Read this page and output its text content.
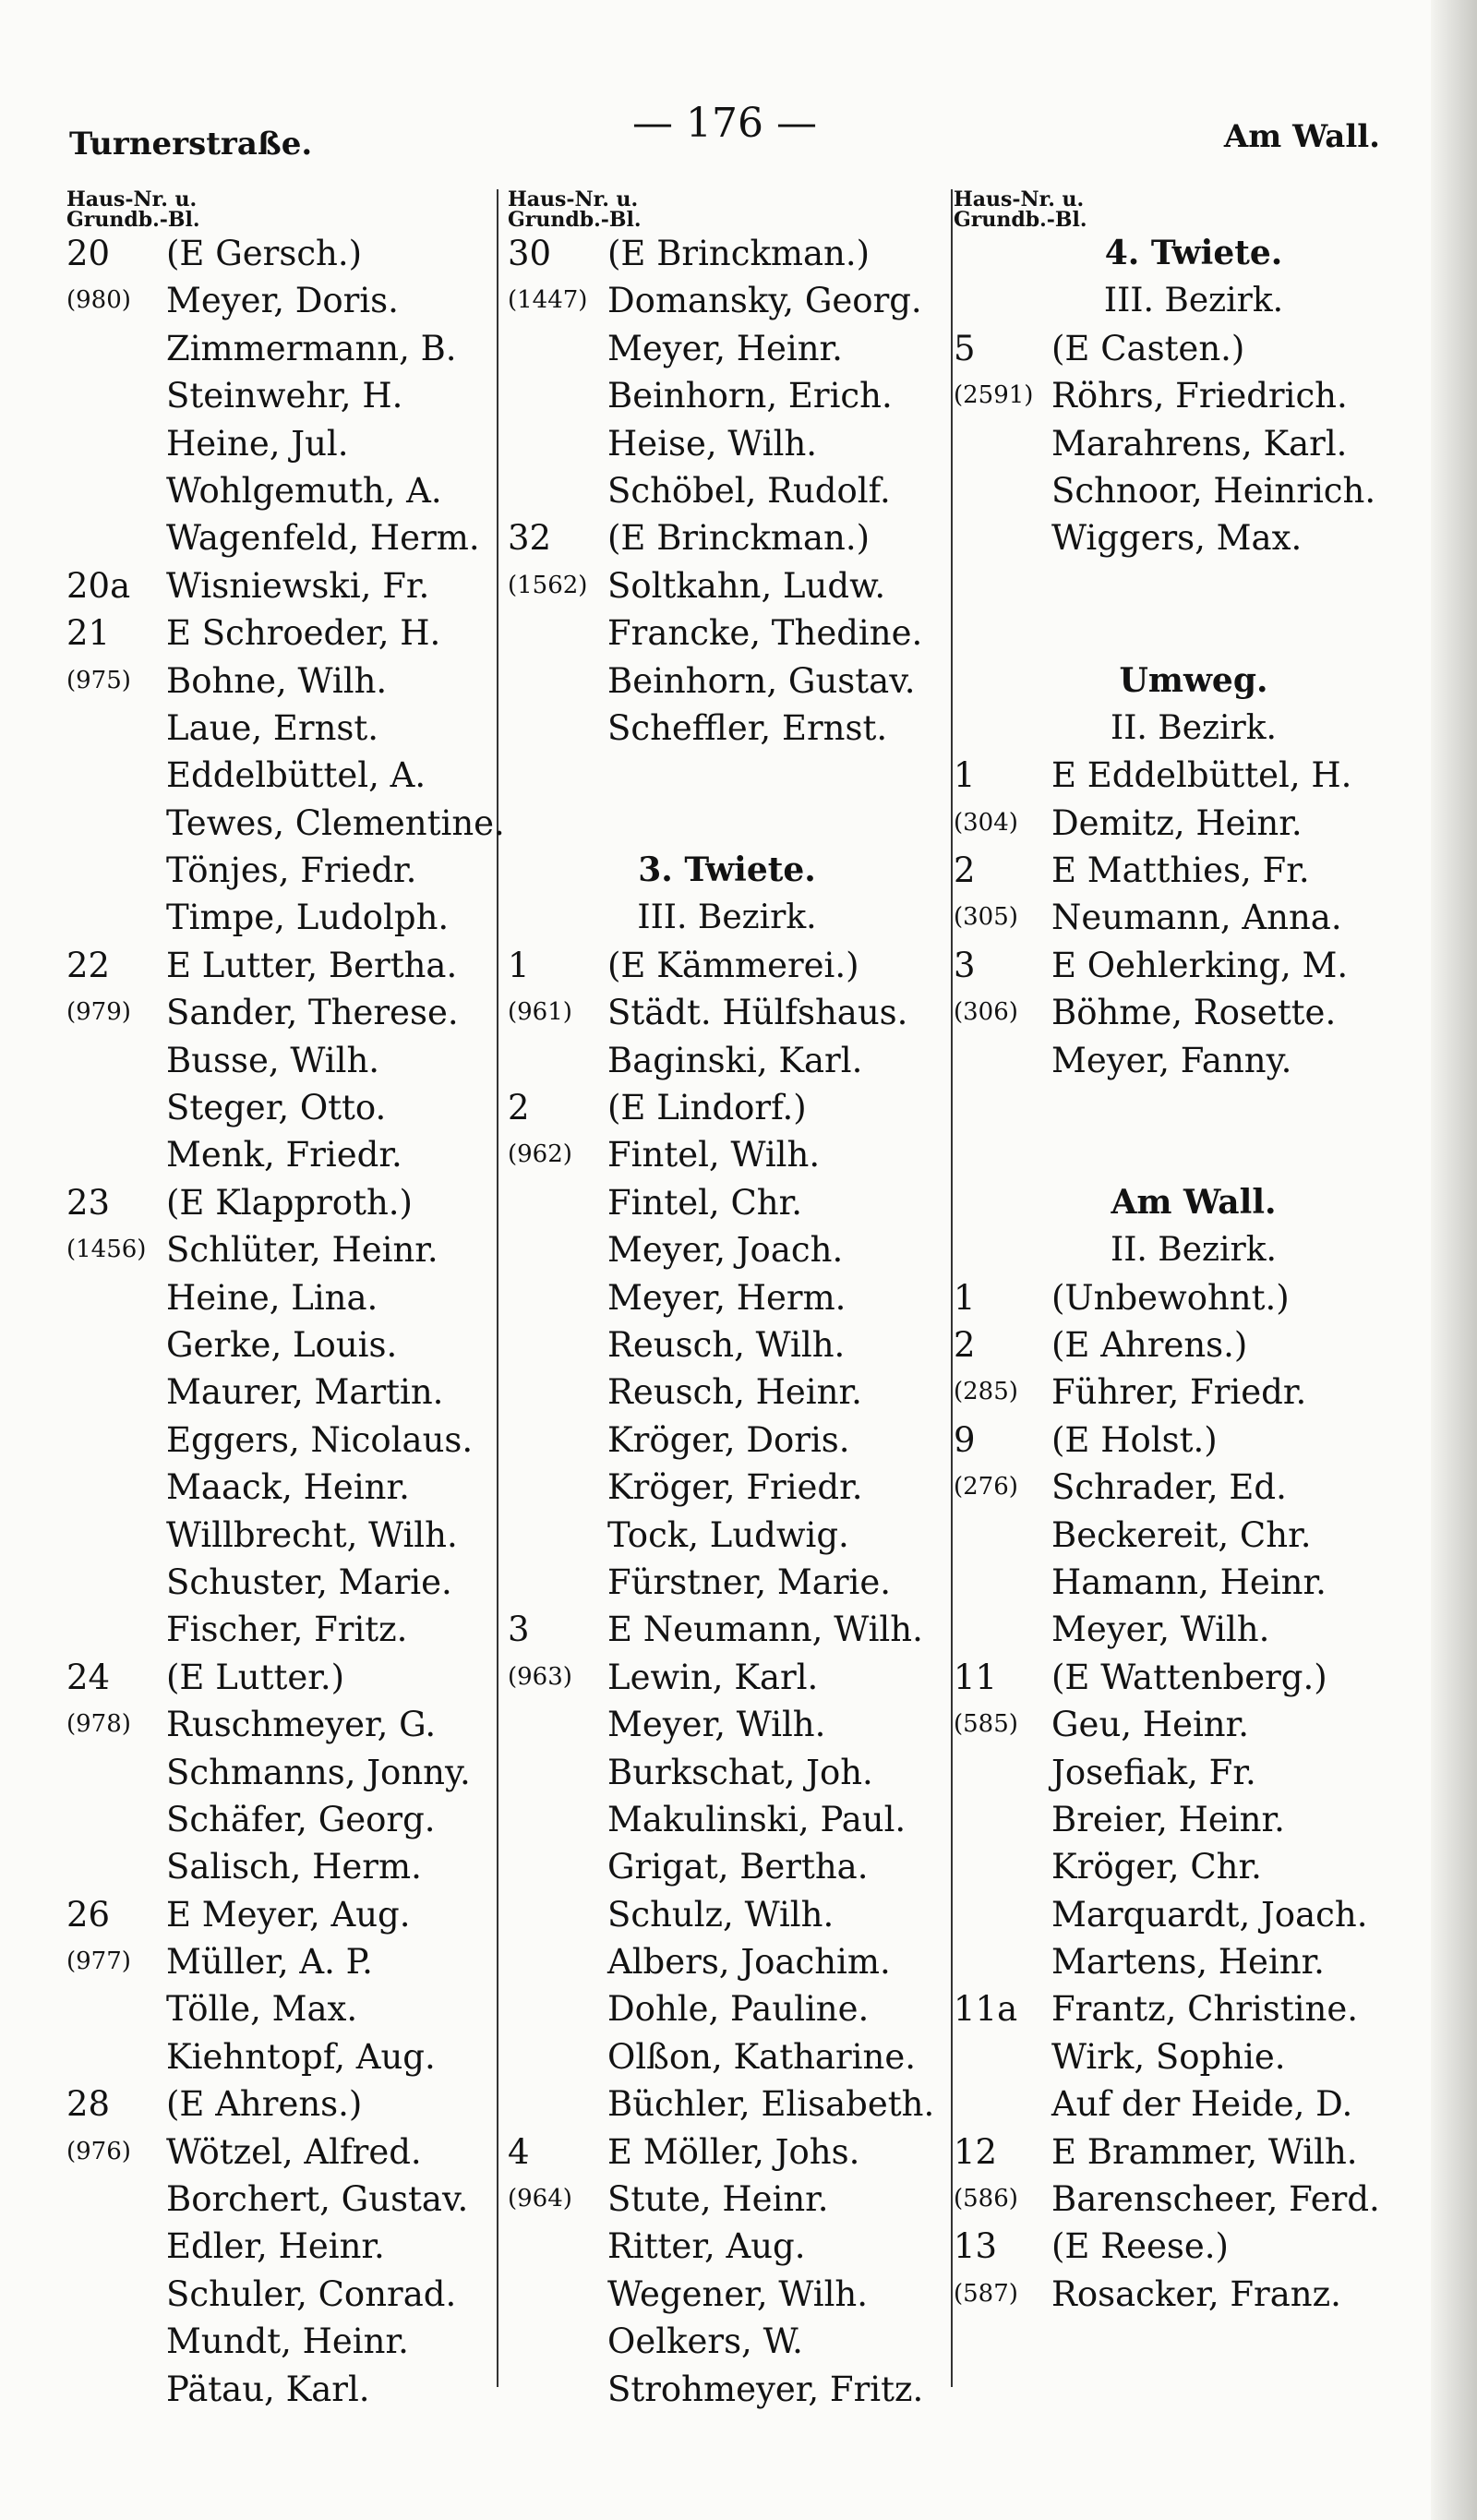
Turnerstraße.	— 176 —	Am Wall.
Haus-Nr. u.
Grundb.-Bl.
20 (E Gersch.)
(980) Meyer, Doris.
Zimmermann, B.
Steinwehr, H.
Heine, Jul.
Wohlgemuth, A.
Wagenfeld, Herm.
20a Wisniewski, Fr.
21 E Schroeder, H.
(975) Bohne, Wilh.
Laue, Ernst.
Eddelbüttel, A.
Tewes, Clementine.
Tönjes, Friedr.
Timpe, Ludolph.
22 E Lutter, Bertha.
(979) Sander, Therese.
Busse, Wilh.
Steger, Otto.
Menk, Friedr.
23 (E Klapproth.)
(1456) Schlüter, Heinr.
Heine, Lina.
Gerke, Louis.
Maurer, Martin.
Eggers, Nicolaus.
Maack, Heinr.
Willbrecht, Wilh.
Schuster, Marie.
Fischer, Fritz.
24 (E Lutter.)
(978) Ruschmeyer, G.
Schmanns, Jonny.
Schäfer, Georg.
Salisch, Herm.
26 E Meyer, Aug.
(977) Müller, A. P.
Tölle, Max.
Kiehntopf, Aug.
28 (E Ahrens.)
(976) Wötzel, Alfred.
Borchert, Gustav.
Edler, Heinr.
Schuler, Conrad.
Mundt, Heinr.
Pätau, Karl.
Haus-Nr. u.
Grundb.-Bl.
30 (E Brinckman.)
(1447) Domansky, Georg.
Meyer, Heinr.
Beinhorn, Erich.
Heise, Wilh.
Schöbel, Rudolf.
32 (E Brinckman.)
(1562) Soltkahn, Ludw.
Francke, Thedine.
Beinhorn, Gustav.
Scheffler, Ernst.
3. Twiete.
III. Bezirk.
1 (E Kämmerei.)
(961) Städt. Hülfshaus.
Baginski, Karl.
2 (E Lindorf.)
(962) Fintel, Wilh.
Fintel, Chr.
Meyer, Joach.
Meyer, Herm.
Reusch, Wilh.
Reusch, Heinr.
Kröger, Doris.
Kröger, Friedr.
Tock, Ludwig.
Fürstner, Marie.
3 E Neumann, Wilh.
(963) Lewin, Karl.
Meyer, Wilh.
Burkschat, Joh.
Makulinski, Paul.
Grigat, Bertha.
Schulz, Wilh.
Albers, Joachim.
Dohle, Pauline.
Olßon, Katharine.
Büchler, Elisabeth.
4 E Möller, Johs.
(964) Stute, Heinr.
Ritter, Aug.
Wegener, Wilh.
Oelkers, W.
Strohmeyer, Fritz.
Haus-Nr. u.
Grundb.-Bl.
4. Twiete.
III. Bezirk.
5 (E Casten.)
(2591) Röhrs, Friedrich.
Marahrens, Karl.
Schnoor, Heinrich.
Wiggers, Max.
Umweg.
II. Bezirk.
1 E Eddelbüttel, H.
(304) Demitz, Heinr.
2 E Matthies, Fr.
(305) Neumann, Anna.
3 E Oehlerking, M.
(306) Böhme, Rosette.
Meyer, Fanny.
Am Wall.
II. Bezirk.
1 (Unbewohnt.)
2 (E Ahrens.)
(285) Führer, Friedr.
9 (E Holst.)
(276) Schrader, Ed.
Beckereit, Chr.
Hamann, Heinr.
Meyer, Wilh.
11 (E Wattenberg.)
(585) Geu, Heinr.
Josefiak, Fr.
Breier, Heinr.
Kröger, Chr.
Marquardt, Joach.
Martens, Heinr.
11a Frantz, Christine.
Wirk, Sophie.
Auf der Heide, D.
12 E Brammer, Wilh.
(586) Barenscheer, Ferd.
13 (E Reese.)
(587) Rosacker, Franz.
